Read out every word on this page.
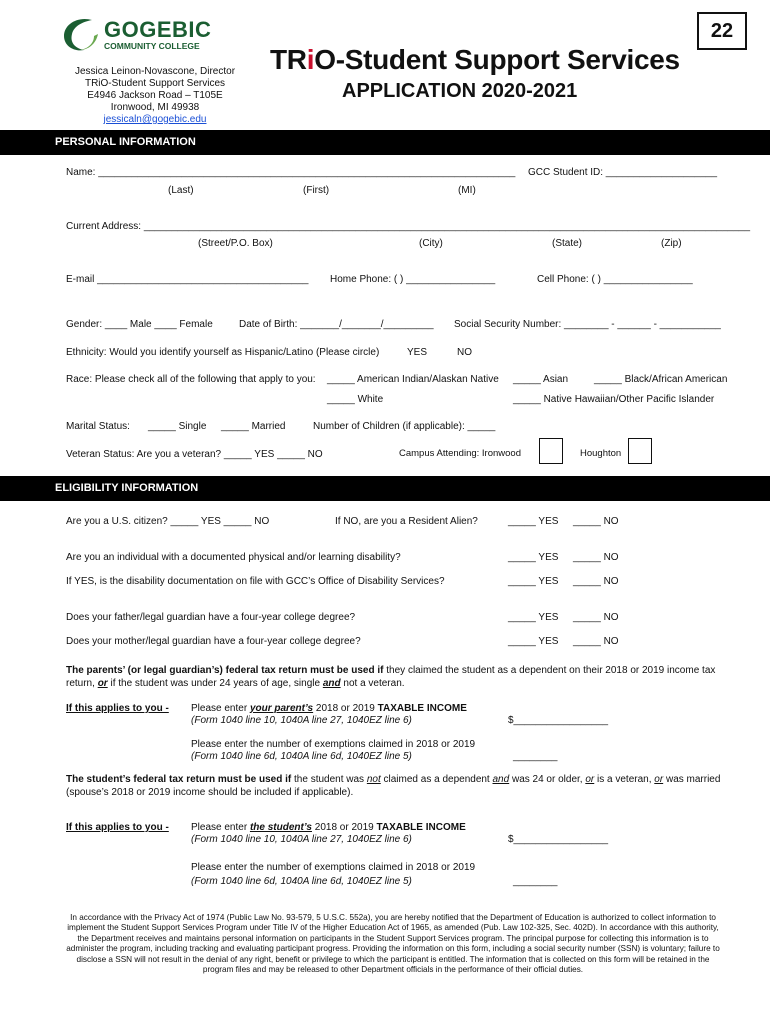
GOGEBIC
COMMUNITY COLLEGE
Jessica Leinon-Novascone, Director
TRiO-Student Support Services
E4946 Jackson Road – T105E
Ironwood, MI 49938
jessicaln@gogebic.edu
TRiO-Student Support Services
APPLICATION 2020-2021
22
PERSONAL INFORMATION
Name: ___________________________________________________________________________ GCC Student ID: ____________________
(Last)	(First)	(MI)
Current Address: _____________________________________________________________________________________________________________
(Street/P.O. Box)	(City)	(State)	(Zip)
E-mail ______________________________________ Home Phone: ( ) ________________	Cell Phone: ( ) ________________
Gender: ____ Male ____ Female	Date of Birth: _______/_______/_________ Social Security Number: ________ - ______ - ___________
Ethnicity: Would you identify yourself as Hispanic/Latino (Please circle)	YES	NO
Race: Please check all of the following that apply to you: _____ American Indian/Alaskan Native _____ Asian	_____ Black/African American
_____ White	_____ Native Hawaiian/Other Pacific Islander
Marital Status: _____ Single _____ Married	Number of Children (if applicable): _____
Veteran Status: Are you a veteran? _____ YES _____ NO	Campus Attending: Ironwood	Houghton
ELIGIBILITY INFORMATION
Are you a U.S. citizen? _____ YES _____ NO	If NO, are you a Resident Alien?	_____ YES _____ NO
Are you an individual with a documented physical and/or learning disability?	_____ YES _____ NO
If YES, is the disability documentation on file with GCC’s Office of Disability Services?	_____ YES _____ NO
Does your father/legal guardian have a four-year college degree?	_____ YES _____ NO
Does your mother/legal guardian have a four-year college degree?	_____ YES _____ NO
The parents’ (or legal guardian’s) federal tax return must be used if they claimed the student as a dependent on their 2018 or 2019 income tax return, or if the student was under 24 years of age, single and not a veteran.
If this applies to you - Please enter your parent’s 2018 or 2019 TAXABLE INCOME
(Form 1040 line 10, 1040A line 27, 1040EZ line 6)	$_________________
Please enter the number of exemptions claimed in 2018 or 2019
(Form 1040 line 6d, 1040A line 6d, 1040EZ line 5)	________
The student’s federal tax return must be used if the student was not claimed as a dependent and was 24 or older, or is a veteran, or was married (spouse’s 2018 or 2019 income should be included if applicable).
If this applies to you - Please enter the student’s 2018 or 2019 TAXABLE INCOME
(Form 1040 line 10, 1040A line 27, 1040EZ line 6)	$_________________
Please enter the number of exemptions claimed in 2018 or 2019
(Form 1040 line 6d, 1040A line 6d, 1040EZ line 5)	________
In accordance with the Privacy Act of 1974 (Public Law No. 93-579, 5 U.S.C. 552a), you are hereby notified that the Department of Education is authorized to collect information to implement the Student Support Services Program under Title IV of the Higher Education Act of 1965, as amended (Pub. Law 102-325, Sec. 402D). In accordance with this authority, the Department receives and maintains personal information on participants in the Student Support Services program. The principal purpose for collecting this information is to administer the program, including tracking and evaluating participant progress. Providing the information on this form, including a social security number (SSN) is voluntary; failure to disclose a SSN will not result in the denial of any right, benefit or privilege to which the participant is entitled. The information that is collected on this form will be retained in the program files and may be released to other Department officials in the performance of their official duties.
